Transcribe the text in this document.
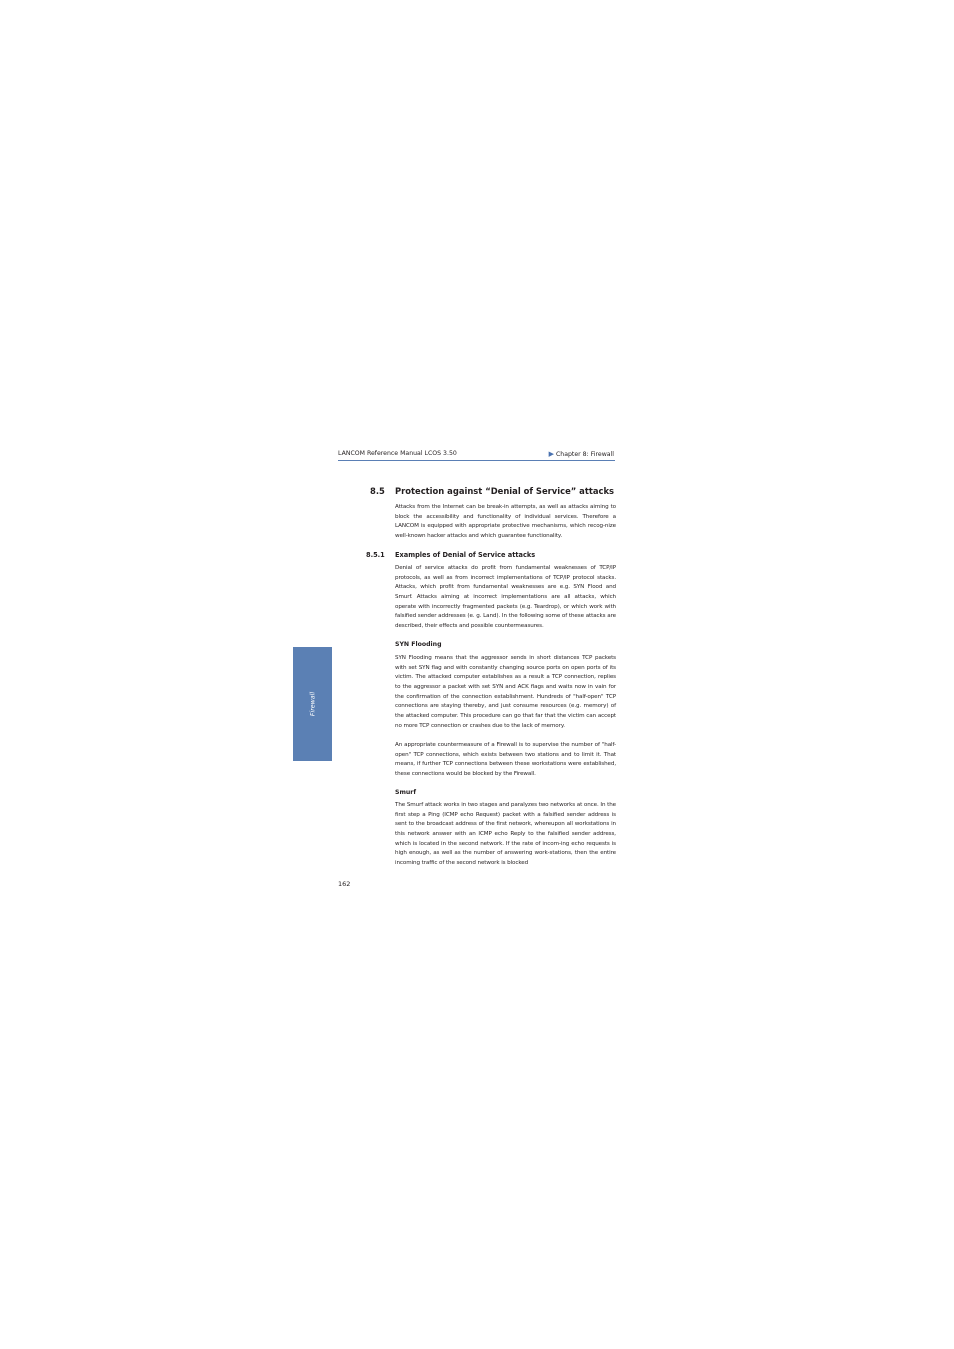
LANCOM Reference Manual LCOS 3.50	▶ Chapter 8: Firewall
Firewall
8.5 Protection against “Denial of Service” attacks
Attacks from the Internet can be break-in attempts, as well as attacks aiming to block the accessibility and functionality of individual services. Therefore a LANCOM is equipped with appropriate protective mechanisms, which recog-nize well-known hacker attacks and which guarantee functionality.
8.5.1 Examples of Denial of Service attacks
Denial of service attacks do profit from fundamental weaknesses of TCP/IP protocols, as well as from incorrect implementations of TCP/IP protocol stacks. Attacks, which profit from fundamental weaknesses are e.g. SYN Flood and Smurf. Attacks aiming at incorrect implementations are all attacks, which operate with incorrectly fragmented packets (e.g. Teardrop), or which work with falsified sender addresses (e. g. Land). In the following some of these attacks are described, their effects and possible countermeasures.
SYN Flooding
SYN Flooding means that the aggressor sends in short distances TCP packets with set SYN flag and with constantly changing source ports on open ports of its victim. The attacked computer establishes as a result a TCP connection, replies to the aggressor a packet with set SYN and ACK flags and waits now in vain for the confirmation of the connection establishment. Hundreds of "half-open" TCP connections are staying thereby, and just consume resources (e.g. memory) of the attacked computer. This procedure can go that far that the victim can accept no more TCP connection or crashes due to the lack of memory.
An appropriate countermeasure of a Firewall is to supervise the number of "half-open" TCP connections, which exists between two stations and to limit it. That means, if further TCP connections between these workstations were established, these connections would be blocked by the Firewall.
Smurf
The Smurf attack works in two stages and paralyzes two networks at once. In the first step a Ping (ICMP echo Request) packet with a falsified sender address is sent to the broadcast address of the first network, whereupon all workstations in this network answer with an ICMP echo Reply to the falsified sender address, which is located in the second network. If the rate of incom-ing echo requests is high enough, as well as the number of answering work-stations, then the entire incoming traffic of the second network is blocked
162
